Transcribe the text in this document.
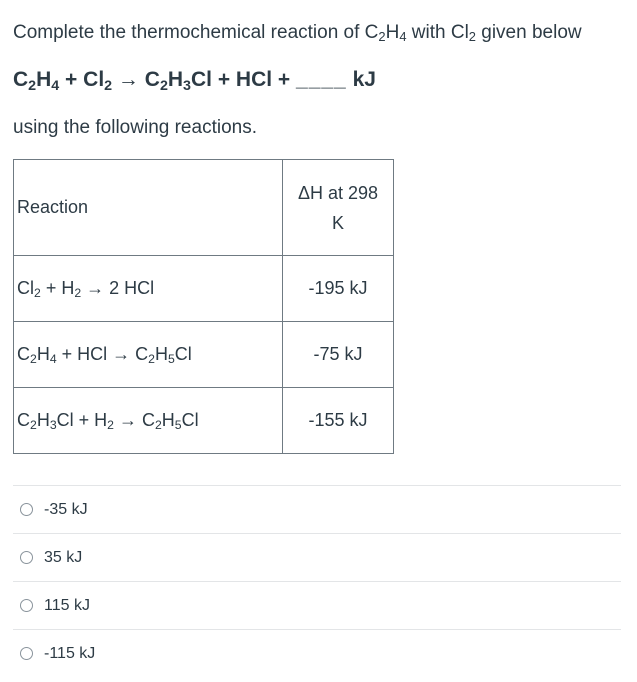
Complete the thermochemical reaction of $C_2H_4$ with $Cl_2$ given below

$C_2H_4 + Cl_2 \to C_2H_3Cl$ + HCl + ____ kJ

using the following reactions.

Reaction	ΔH at 298
K
$Cl_2 + H_2 \to 2$ HCl	-195 kJ
$C_2H_4$ + HCl → $C_2H_5Cl$	-75 kJ
$C_2H_3Cl + H_2 \to C_2H_5Cl$	-155 kJ
-35 kJ
35 kJ
115 kJ
-115 kJ
